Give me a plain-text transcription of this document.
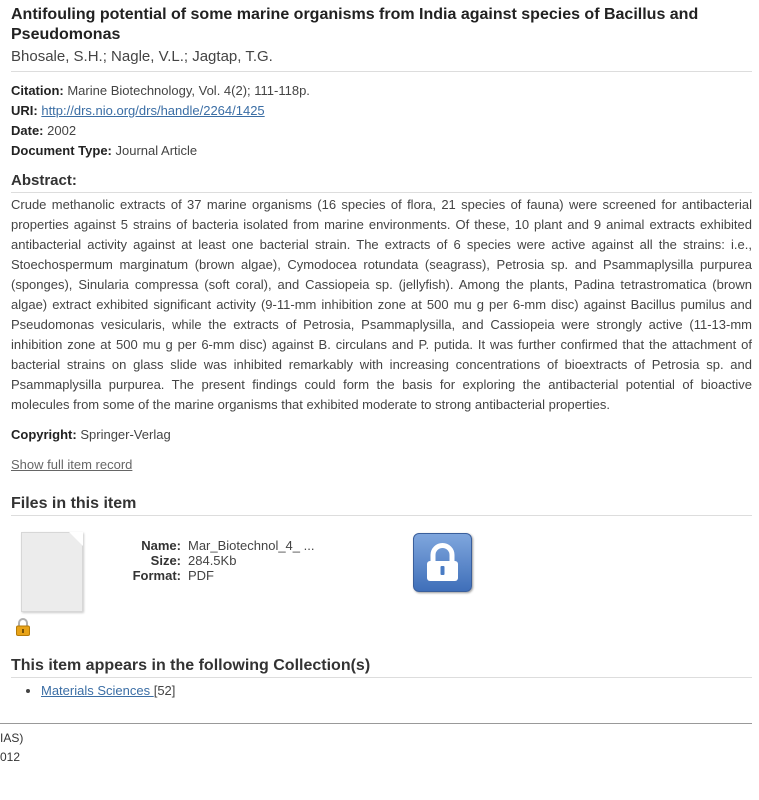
Antifouling potential of some marine organisms from India against species of Bacillus and Pseudomonas
Bhosale, S.H.; Nagle, V.L.; Jagtap, T.G.
Citation: Marine Biotechnology, Vol. 4(2); 111-118p.
URI: http://drs.nio.org/drs/handle/2264/1425
Date: 2002
Document Type: Journal Article
Abstract:
Crude methanolic extracts of 37 marine organisms (16 species of flora, 21 species of fauna) were screened for antibacterial properties against 5 strains of bacteria isolated from marine environments. Of these, 10 plant and 9 animal extracts exhibited antibacterial activity against at least one bacterial strain. The extracts of 6 species were active against all the strains: i.e., Stoechospermum marginatum (brown algae), Cymodocea rotundata (seagrass), Petrosia sp. and Psammaplysilla purpurea (sponges), Sinularia compressa (soft coral), and Cassiopeia sp. (jellyfish). Among the plants, Padina tetrastromatica (brown algae) extract exhibited significant activity (9-11-mm inhibition zone at 500 mu g per 6-mm disc) against Bacillus pumilus and Pseudomonas vesicularis, while the extracts of Petrosia, Psammaplysilla, and Cassiopeia were strongly active (11-13-mm inhibition zone at 500 mu g per 6-mm disc) against B. circulans and P. putida. It was further confirmed that the attachment of bacterial strains on glass slide was inhibited remarkably with increasing concentrations of bioextracts of Petrosia sp. and Psammaplysilla purpurea. The present findings could form the basis for exploring the antibacterial potential of bioactive molecules from some of the marine organisms that exhibited moderate to strong antibacterial properties.
Copyright: Springer-Verlag
Show full item record
Files in this item
Name: Mar_Biotechnol_4_ ...
Size: 284.5Kb
Format: PDF
This item appears in the following Collection(s)
• Materials Sciences [52]
IAS)
012
